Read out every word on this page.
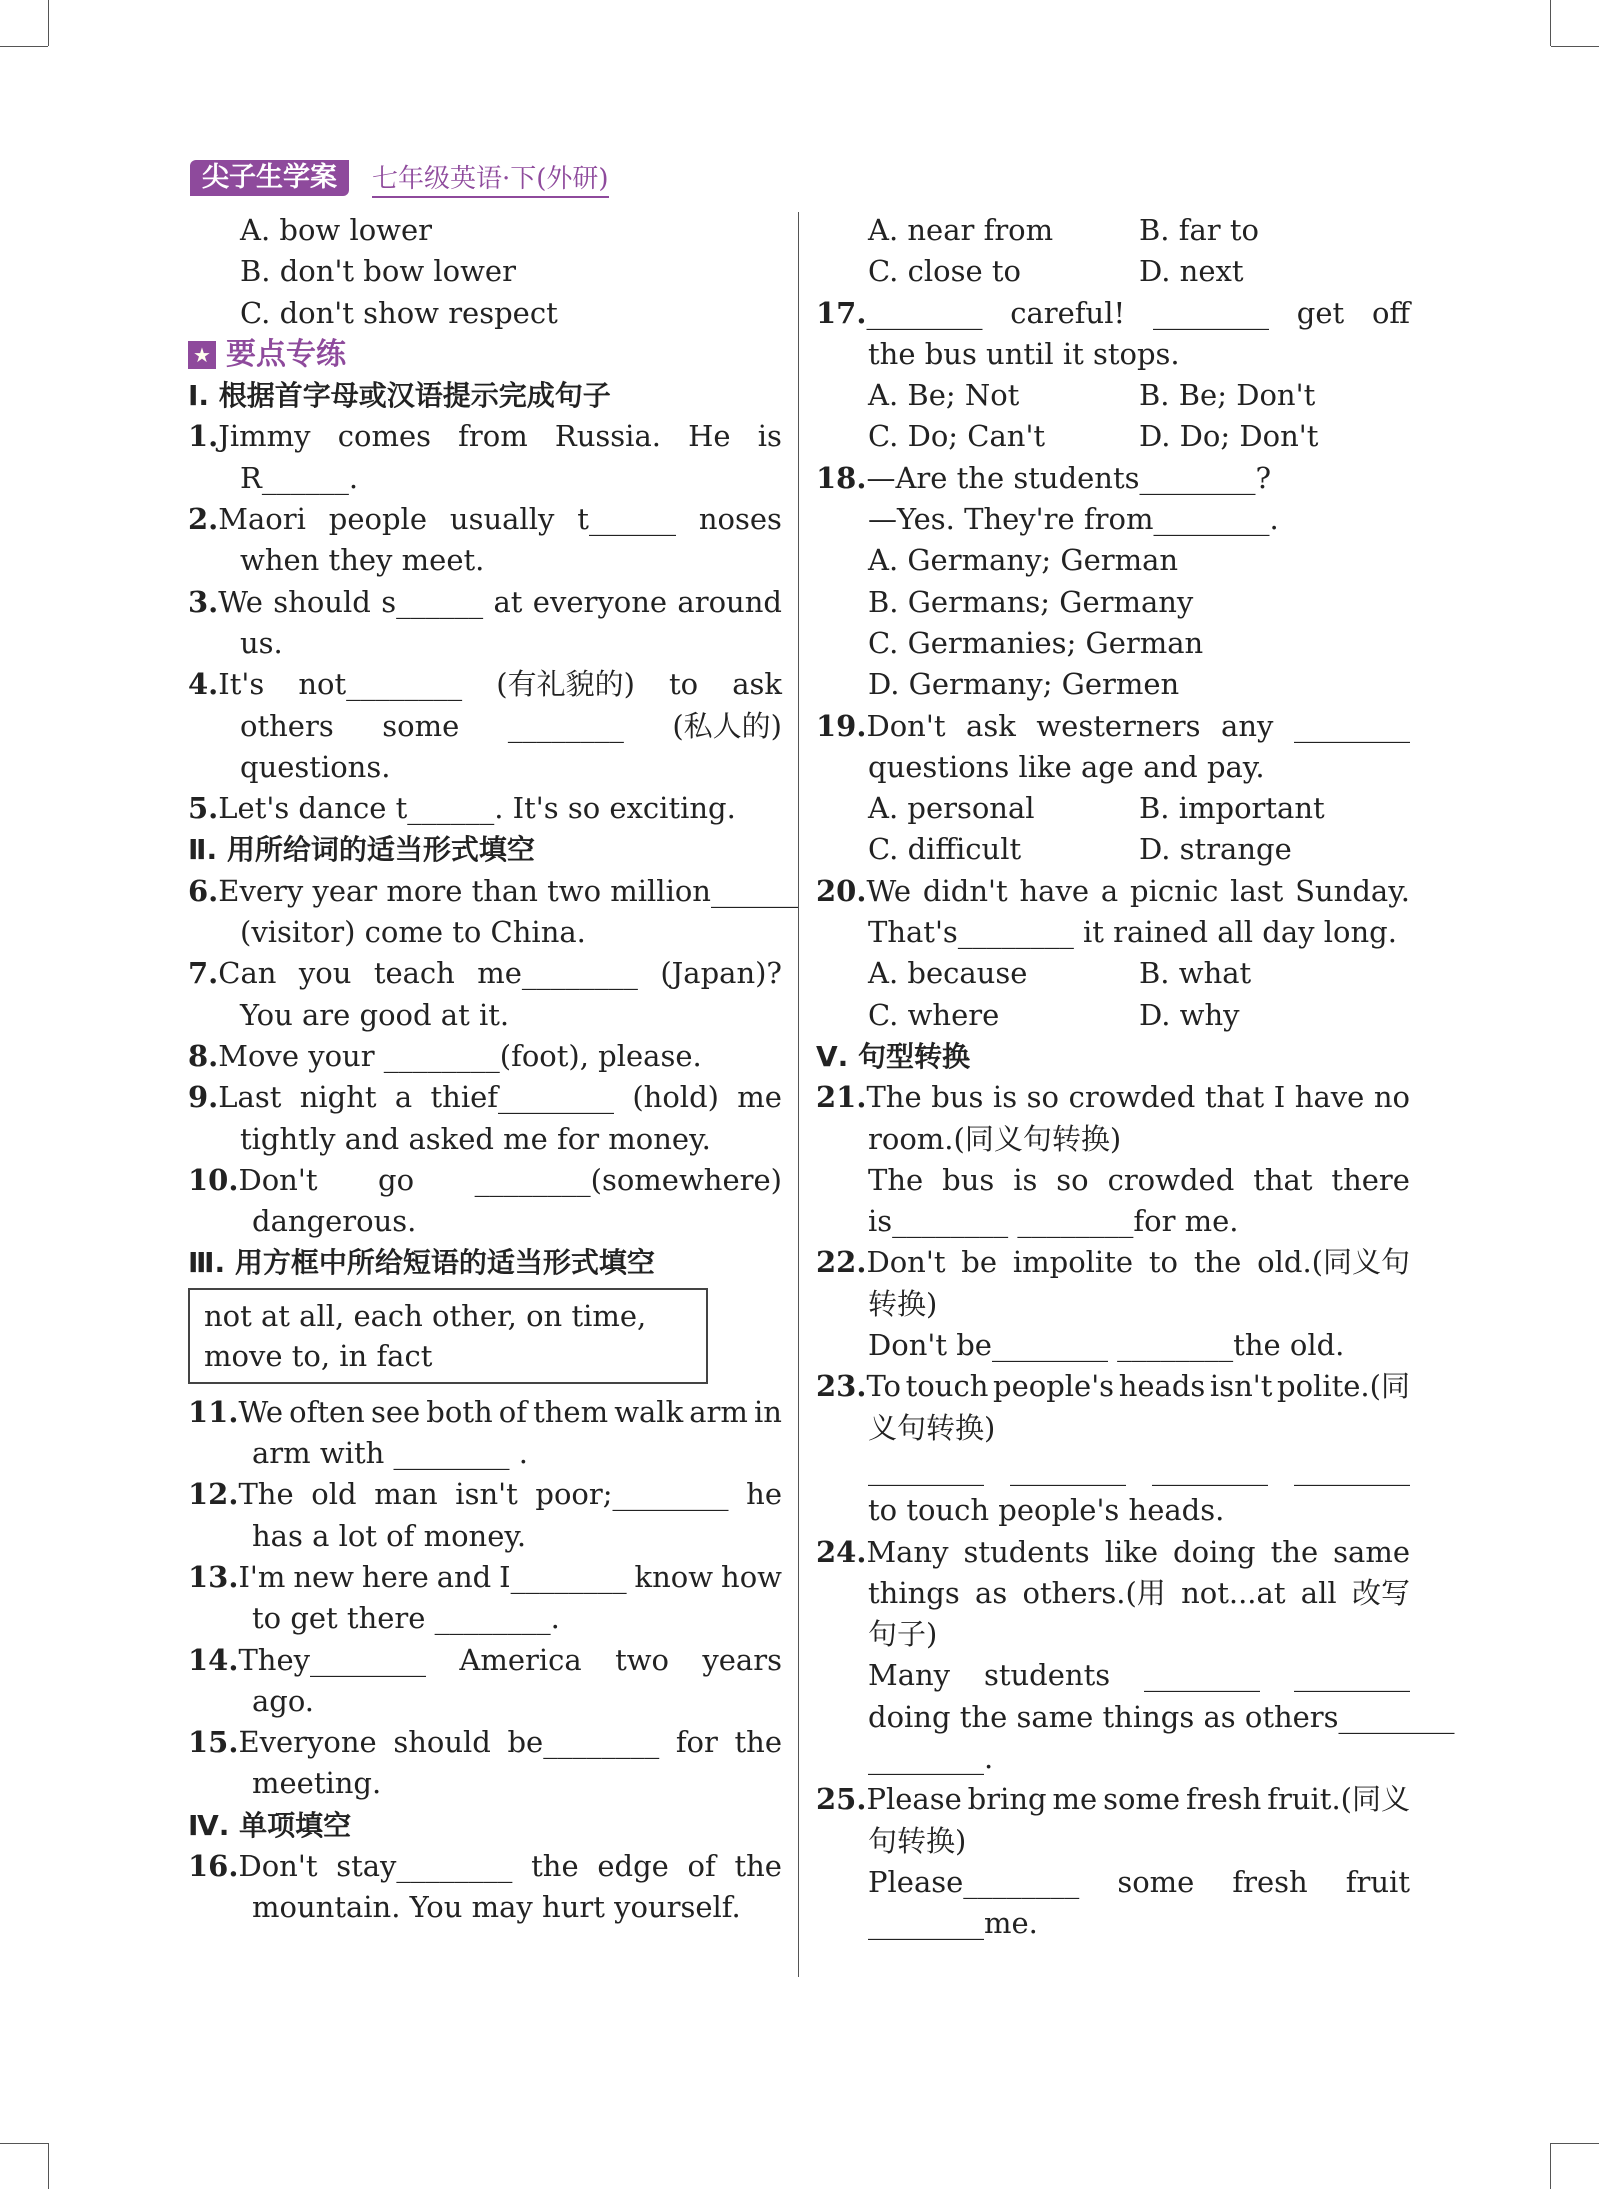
尖子生学案	七年级英语·下(外研)
A. bow lower
B. don't bow lower
C. don't show respect
★ 要点专练
Ⅰ. 根据首字母或汉语提示完成句子
1. Jimmy comes from Russia. He is
R______.
2. Maori people usually t______ noses
when they meet.
3. We should s______ at everyone around
us.
4. It's not________ (有礼貌的) to ask
others some ________ (私人的)
questions.
5.Let's dance t______. It's so exciting.
Ⅱ. 用所给词的适当形式填空
6.Every year more than two million______
(visitor) come to China.
7. Can you teach me________ (Japan)?
You are good at it.
8.Move your ________(foot), please.
9. Last night a thief________ (hold) me
tightly and asked me for money.
10. Don't go ________(somewhere)
dangerous.
Ⅲ. 用方框中所给短语的适当形式填空
not at all, each other, on time,
move to, in fact
11. We often see both of them walk arm in
arm with ________ .
12. The old man isn't poor;________ he
has a lot of money.
13. I'm new here and I________ know how
to get there ________.
14. They________ America two years
ago.
15. Everyone should be________ for the
meeting.
Ⅳ. 单项填空
16. Don't stay________ the edge of the
mountain. You may hurt yourself.
A. near from	B. far to
C. close to	D. next
17. ________ careful! ________ get off
the bus until it stops.
A. Be; Not	B. Be; Don't
C. Do; Can't	D. Do; Don't
18.—Are the students________?
—Yes. They're from________.
A. Germany; German
B. Germans; Germany
C. Germanies; German
D. Germany; Germen
19. Don't ask westerners any ________
questions like age and pay.
A. personal	B. important
C. difficult	D. strange
20. We didn't have a picnic last Sunday.
That's________ it rained all day long.
A. because	B. what
C. where	D. why
Ⅴ. 句型转换
21. The bus is so crowded that I have no
room.(同义句转换)
The bus is so crowded that there
is________ ________for me.
22. Don't be impolite to the old.(同义句
转换)
Don't be________ ________the old.
23. To touch people's heads isn't polite.(同
义句转换)
________ ________ ________ ________
to touch people's heads.
24. Many students like doing the same
things as others.(用 not...at all 改写
句子)
Many students ________ ________
doing the same things as others________
________.
25. Please bring me some fresh fruit.(同义
句转换)
Please________ some fresh fruit
________me.
